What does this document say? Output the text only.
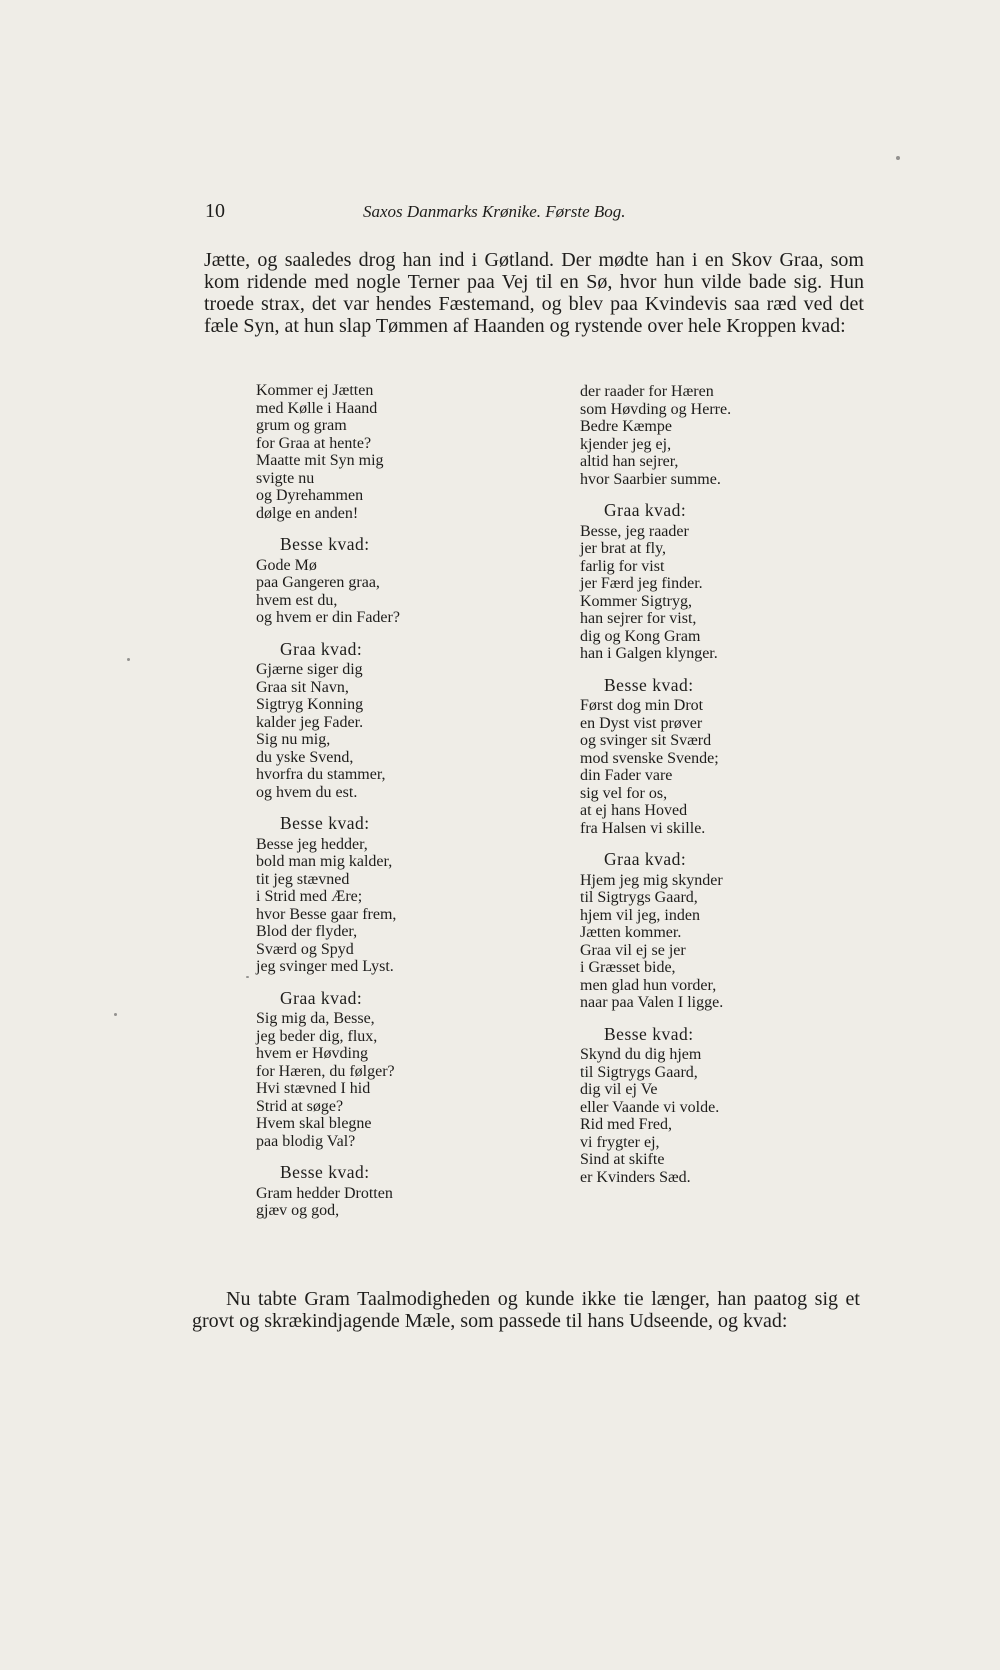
10	Saxos Danmarks Krønike. Første Bog.

Jætte, og saaledes drog han ind i Gøtland. Der mødte han i en Skov Graa, som kom ridende med nogle Terner paa Vej til en Sø, hvor hun vilde bade sig. Hun troede strax, det var hendes Fæstemand, og blev paa Kvindevis saa ræd ved det fæle Syn, at hun slap Tømmen af Haanden og rystende over hele Kroppen kvad:

Kommer ej Jætten
med Kølle i Haand
grum og gram
for Graa at hente?
Maatte mit Syn mig
svigte nu
og Dyrehammen
dølge en anden!
Besse kvad:
Gode Mø
paa Gangeren graa,
hvem est du,
og hvem er din Fader?
Graa kvad:
Gjærne siger dig
Graa sit Navn,
Sigtryg Konning
kalder jeg Fader.
Sig nu mig,
du yske Svend,
hvorfra du stammer,
og hvem du est.
Besse kvad:
Besse jeg hedder,
bold man mig kalder,
tit jeg stævned
i Strid med Ære;
hvor Besse gaar frem,
Blod der flyder,
Sværd og Spyd
jeg svinger med Lyst.
Graa kvad:
Sig mig da, Besse,
jeg beder dig, flux,
hvem er Høvding
for Hæren, du følger?
Hvi stævned I hid
Strid at søge?
Hvem skal blegne
paa blodig Val?
Besse kvad:
Gram hedder Drotten
gjæv og god,
der raader for Hæren
som Høvding og Herre.
Bedre Kæmpe
kjender jeg ej,
altid han sejrer,
hvor Saarbier summe.
Graa kvad:
Besse, jeg raader
jer brat at fly,
farlig for vist
jer Færd jeg finder.
Kommer Sigtryg,
han sejrer for vist,
dig og Kong Gram
han i Galgen klynger.
Besse kvad:
Først dog min Drot
en Dyst vist prøver
og svinger sit Sværd
mod svenske Svende;
din Fader vare
sig vel for os,
at ej hans Hoved
fra Halsen vi skille.
Graa kvad:
Hjem jeg mig skynder
til Sigtrygs Gaard,
hjem vil jeg, inden
Jætten kommer.
Graa vil ej se jer
i Græsset bide,
men glad hun vorder,
naar paa Valen I ligge.
Besse kvad:
Skynd du dig hjem
til Sigtrygs Gaard,
dig vil ej Ve
eller Vaande vi volde.
Rid med Fred,
vi frygter ej,
Sind at skifte
er Kvinders Sæd.

Nu tabte Gram Taalmodigheden og kunde ikke tie længer, han paatog sig et grovt og skrækindjagende Mæle, som passede til hans Udseende, og kvad:
